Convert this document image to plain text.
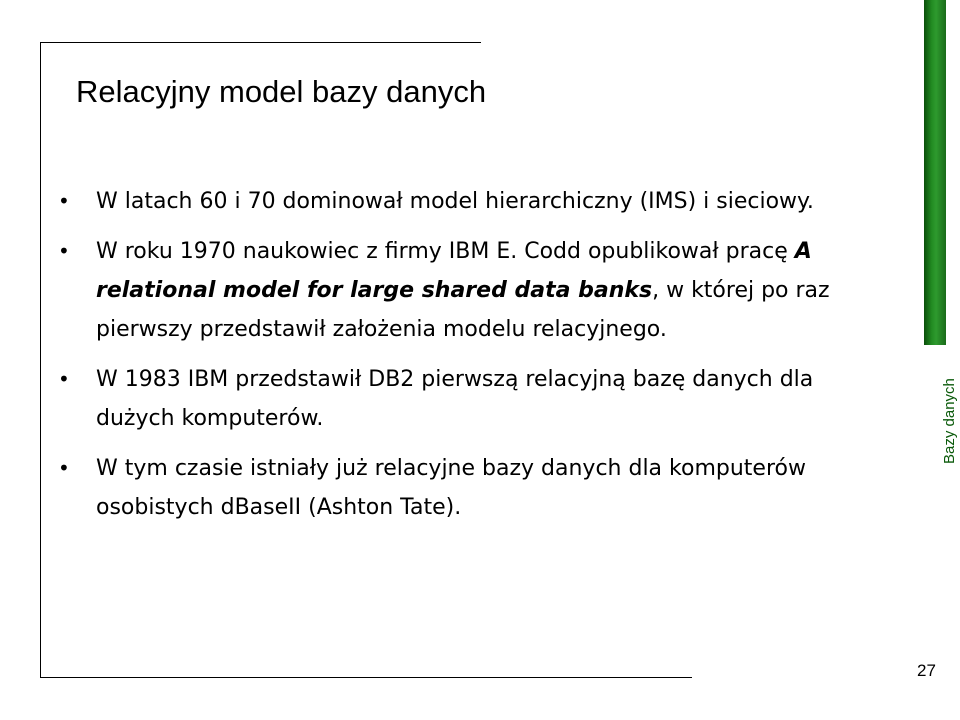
Bazy danych
Relacyjny model bazy danych
• W latach 60 i 70 dominował model hierarchiczny (IMS) i sieciowy.
• W roku 1970 naukowiec z firmy IBM E. Codd opublikował pracę A relational model for large shared data banks, w której po raz pierwszy przedstawił założenia modelu relacyjnego.
• W 1983 IBM przedstawił DB2 pierwszą relacyjną bazę danych dla dużych komputerów.
• W tym czasie istniały już relacyjne bazy danych dla komputerów osobistych dBaseII (Ashton Tate).
27
